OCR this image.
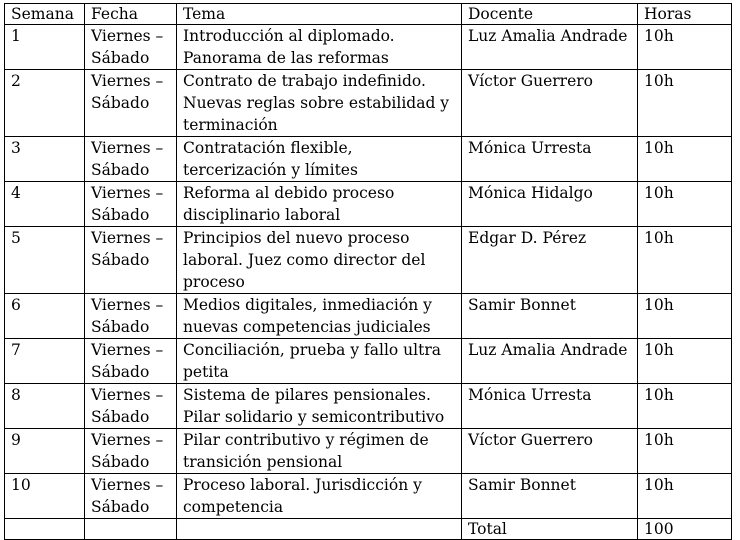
Semana	Fecha	Tema	Docente	Horas
1	Viernes –
Sábado	Introducción al diplomado.
Panorama de las reformas	Luz Amalia Andrade	10h
2	Viernes –
Sábado	Contrato de trabajo indefinido.
Nuevas reglas sobre estabilidad y
terminación	Víctor Guerrero	10h
3	Viernes –
Sábado	Contratación flexible,
tercerización y límites	Mónica Urresta	10h
4	Viernes –
Sábado	Reforma al debido proceso
disciplinario laboral	Mónica Hidalgo	10h
5	Viernes –
Sábado	Principios del nuevo proceso
laboral. Juez como director del
proceso	Edgar D. Pérez	10h
6	Viernes –
Sábado	Medios digitales, inmediación y
nuevas competencias judiciales	Samir Bonnet	10h
7	Viernes –
Sábado	Conciliación, prueba y fallo ultra
petita	Luz Amalia Andrade	10h
8	Viernes –
Sábado	Sistema de pilares pensionales.
Pilar solidario y semicontributivo	Mónica Urresta	10h
9	Viernes –
Sábado	Pilar contributivo y régimen de
transición pensional	Víctor Guerrero	10h
10	Viernes –
Sábado	Proceso laboral. Jurisdicción y
competencia	Samir Bonnet	10h
			Total	100
